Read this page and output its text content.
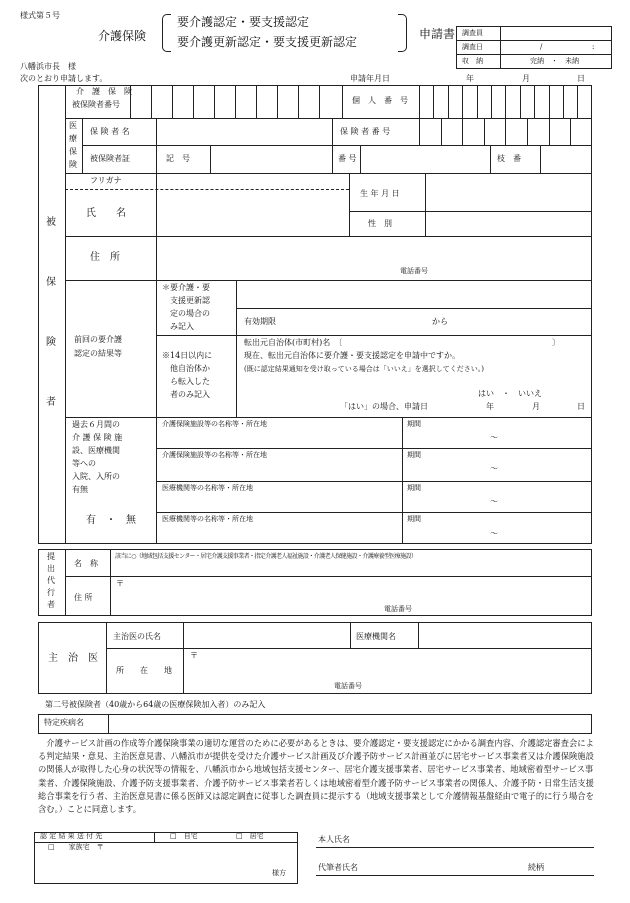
様式第５号
介護保険
要介護認定・要支援認定
要介護更新認定・要支援更新認定
申請書 調査員
調査日	/	:
収　納	完納　・　未納
八幡浜市長　様
次のとおり申請します。	申請年月日	年	月	日
被
保
険
者
介　護　保　険
被保険者番号	個　人　番　号
医
療
保
険
保 険 者 名	保 険 者 番 号
被保険者証	記　号	番 号	枝　番
フリガナ
氏　　名
生 年 月 日
性　別
住　所
電話番号
前回の要介護
認定の結果等
＊要介護・要
支援更新認
定の場合の
み記入
有効期限	から
※14日以内に
他自治体か
ら転入した
者のみ記入
転出元自治体(市町村)名　〔	〕
現在、転出元自治体に要介護・要支援認定を申請中ですか。
(既に認定結果通知を受け取っている場合は「いいえ」を選択してください。)
はい　・　いいえ
「はい」の場合、申請日	年	月	日
過去６月間の
介 護 保 険 施
設、医療機関
等への
入院、入所の
有無
有　・　無
介護保険施設等の名称等・所在地	期間
～
介護保険施設等の名称等・所在地	期間
～
医療機関等の名称等・所在地	期間
～
医療機関等の名称等・所在地	期間
～
提
出
代
行
者
名　称
該当に○（地域包括支援センター・居宅介護支援事業者・指定介護老人福祉施設・介護老人保健施設・介護療養型医療施設）
住 所
〒
電話番号
主　治　医
主治医の氏名	医療機関名
所　　在　　地
〒
電話番号
第二号被保険者（40歳から64歳の医療保険加入者）のみ記入
特定疾病名
　介護サービス計画の作成等介護保険事業の適切な運営のために必要があるときは、要介護認定・要支援認定にかかる調査内容、介護認定審査会による判定結果・意見、主治医意見書、八幡浜市が提供を受けた介護サービス計画及び介護予防サービス計画並びに居宅サービス事業者又は介護保険施設の関係人が取得した心身の状況等の情報を、八幡浜市から地域包括支援センター、居宅介護支援事業者、居宅サービス事業者、地域密着型サービス事業者、介護保険施設、介護予防支援事業者、介護予防サービス事業者若しくは地域密着型介護予防サービス事業者の関係人、介護予防・日常生活支援総合事業を行う者、主治医意見書に係る医師又は認定調査に従事した調査員に提示する（地域支援事業として介護情報基盤経由で電子的に行う場合を含む。）ことに同意します。
認 定 結 果 送 付 先	□　自宅	□　居宅
□　　家族宅　〒
様方
本人氏名
代筆者氏名	続柄
